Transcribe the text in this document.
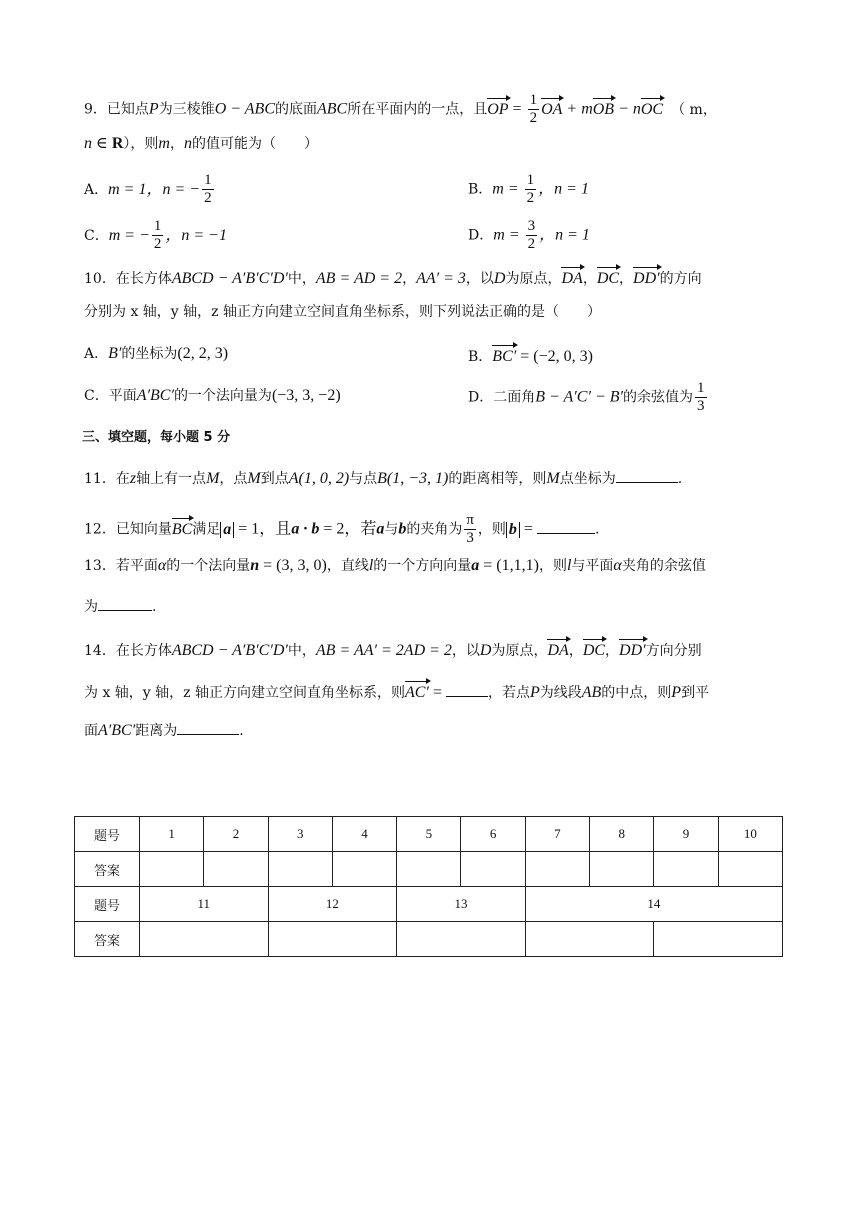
9．已知点P为三棱锥O − ABC的底面ABC所在平面内的一点，且OP = $\frac{1}{2}$ OA + mOB − nOC （ m，
n ∈ R），则m，n的值可能为（　　）
A．m = 1，n = − $\frac{1}{2}$	B．$m = \frac{1}{2}$ ，n = 1
C．m = − $\frac{1}{2}$ ，n = −1	D．$m = \frac{3}{2}$ ，n = 1
10．在长方体ABCD − A′B′C′D′中，AB = AD = 2，AA′ = 3，以D为原点，DA，DC，DD′的方向
分别为 x 轴，y 轴，z 轴正方向建立空间直角坐标系，则下列说法正确的是（　　）
A．B′的坐标为(2, 2, 3)	B．BC′ = (−2, 0, 3)
C．平面A′BC′的一个法向量为(−3, 3, −2)	D．二面角B − A′C′ − B′的余弦值为 $\frac{1}{3}$
三、填空题，每小题 5 分
11．在z轴上有一点M，点M到点A(1, 0, 2)与点B(1, −3, 1)的距离相等，则M点坐标为	.
12．已知向量BC满足 a = 1，且a · b = 2，若a与b的夹角为 $\frac{\pi}{3}$ ，则 b =	.
13．若平面α的一个法向量n = (3, 3, 0)，直线l的一个方向向量a = (1,1,1)，则l与平面α夹角的余弦值
为	.
14．在长方体ABCD − A′B′C′D′中，AB = AA′ = 2AD = 2，以D为原点，DA，DC，DD′方向分别
为 x 轴，y 轴，z 轴正方向建立空间直角坐标系，则AC′ =	，若点P为线段AB的中点，则P到平
面A′BC′距离为	.
题号	1	2	3	4	5	6	7	8	9	10
答案										
题号	11		12		13		14			
答案										
